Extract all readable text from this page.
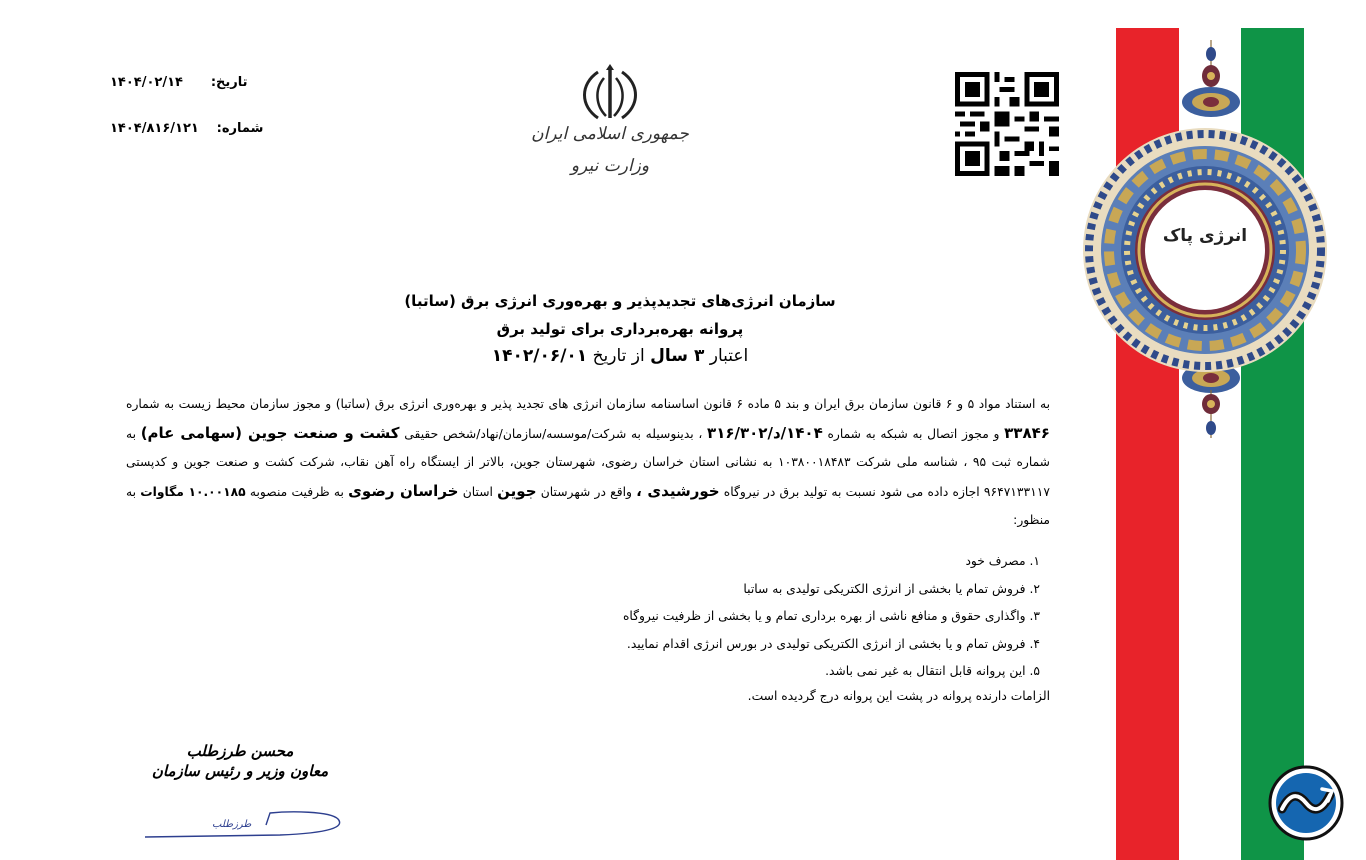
انرژی پاک
تاریخ: ۱۴۰۴/۰۲/۱۴
شماره: ۱۴۰۴/۸۱۶/۱۲۱	جمهوری اسلامی ایران
وزارت نیرو
سازمان انرژی‌های تجدیدپذیر و بهره‌وری انرژی برق (ساتبا)
پروانه بهره‌برداری برای تولید برق
اعتبار ۳ سال از تاریخ ۱۴۰۲/۰۶/۰۱
به استناد مواد ۵ و ۶ قانون سازمان برق ایران و بند ۵ ماده ۶ قانون اساسنامه سازمان انرژی های تجدید پذیر و بهره‌وری انرژی برق (ساتبا) و مجوز سازمان محیط زیست به شماره ۳۳۸۴۶ و مجوز اتصال به شبکه به شماره ۱۴۰۴/د/۳۱۶/۳۰۲ ، بدینوسیله به شرکت/موسسه/سازمان/نهاد/شخص حقیقی کشت و صنعت جوین (سهامی عام) به شماره ثبت ۹۵ ، شناسه ملی شرکت ۱۰۳۸۰۰۱۸۴۸۳ به نشانی استان خراسان رضوی، شهرستان جوین، بالاتر از ایستگاه راه آهن نقاب، شرکت کشت و صنعت جوین و کدپستی ۹۶۴۷۱۳۳۱۱۷ اجازه داده می شود نسبت به تولید برق در نیروگاه خورشیدی ، واقع در شهرستان جوین استان خراسان رضوی به ظرفیت منصوبه ۱۰.۰۰۱۸۵ مگاوات به منظور:
۱. مصرف خود
۲. فروش تمام یا بخشی از انرژی الکتریکی تولیدی به ساتبا
۳. واگذاری حقوق و منافع ناشی از بهره برداری تمام و یا بخشی از ظرفیت نیروگاه
۴. فروش تمام و یا بخشی از انرژی الکتریکی تولیدی در بورس انرژی اقدام نمایید.
۵. این پروانه قابل انتقال به غیر نمی باشد.
الزامات دارنده پروانه در پشت این پروانه درج گردیده است.
محسن طرزطلب
معاون وزیر و رئیس سازمان
طرزطلب
